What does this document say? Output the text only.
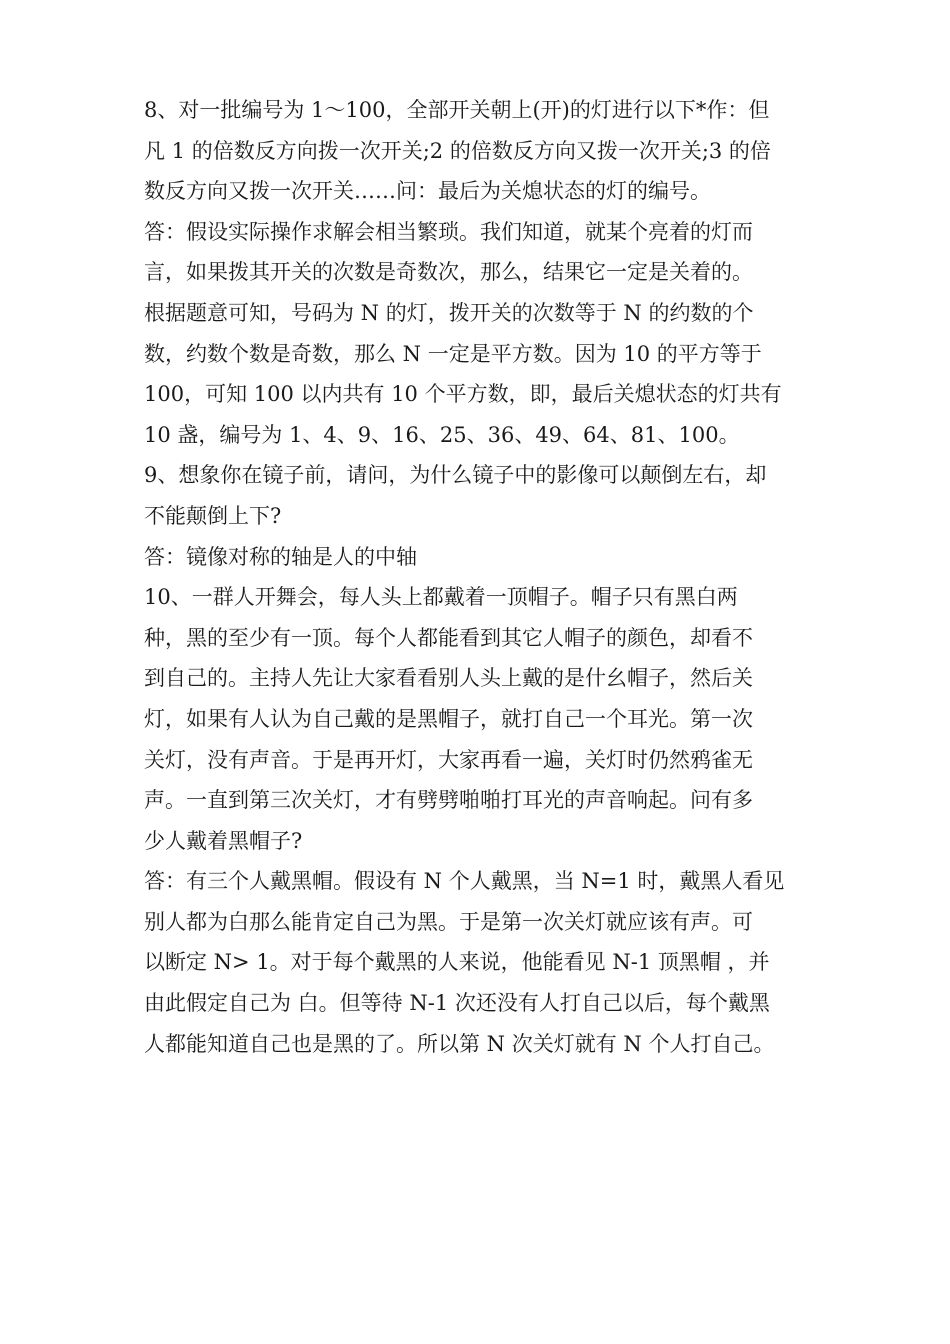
8、对一批编号为 1～100，全部开关朝上(开)的灯进行以下*作：但
凡 1 的倍数反方向拨一次开关;2 的倍数反方向又拨一次开关;3 的倍
数反方向又拨一次开关……问：最后为关熄状态的灯的编号。
答：假设实际操作求解会相当繁琐。我们知道，就某个亮着的灯而
言，如果拨其开关的次数是奇数次，那么，结果它一定是关着的。
根据题意可知，号码为 N 的灯，拨开关的次数等于 N 的约数的个
数，约数个数是奇数，那么 N 一定是平方数。因为 10 的平方等于
100，可知 100 以内共有 10 个平方数，即，最后关熄状态的灯共有
10 盏，编号为 1、4、9、16、25、36、49、64、81、100。
9、想象你在镜子前，请问，为什么镜子中的影像可以颠倒左右，却
不能颠倒上下?
答：镜像对称的轴是人的中轴
10、一群人开舞会，每人头上都戴着一顶帽子。帽子只有黑白两
种，黑的至少有一顶。每个人都能看到其它人帽子的颜色，却看不
到自己的。主持人先让大家看看别人头上戴的是什幺帽子，然后关
灯，如果有人认为自己戴的是黑帽子，就打自己一个耳光。第一次
关灯，没有声音。于是再开灯，大家再看一遍，关灯时仍然鸦雀无
声。一直到第三次关灯，才有劈劈啪啪打耳光的声音响起。问有多
少人戴着黑帽子?
答：有三个人戴黑帽。假设有 N 个人戴黑，当 N=1 时，戴黑人看见
别人都为白那么能肯定自己为黑。于是第一次关灯就应该有声。可
以断定 N> 1。对于每个戴黑的人来说，他能看见 N-1 顶黑帽 ，并
由此假定自己为 白。但等待 N-1 次还没有人打自己以后，每个戴黑
人都能知道自己也是黑的了。所以第 N 次关灯就有 N 个人打自己。
